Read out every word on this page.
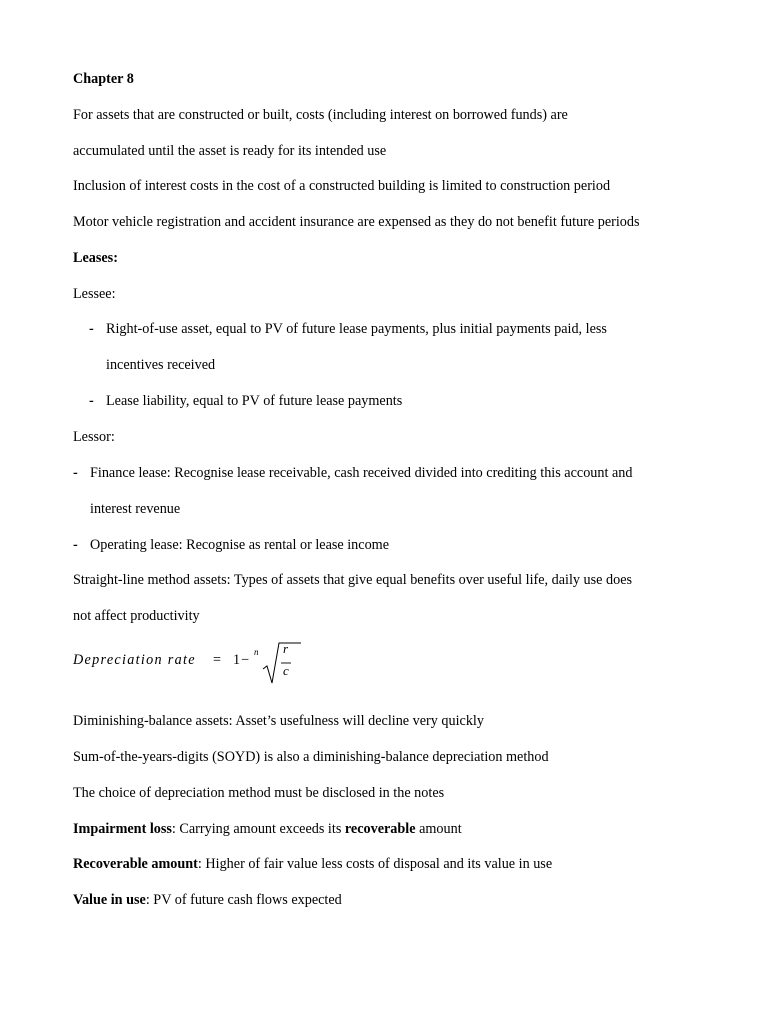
Chapter 8
For assets that are constructed or built, costs (including interest on borrowed funds) are
accumulated until the asset is ready for its intended use
Inclusion of interest costs in the cost of a constructed building is limited to construction period
Motor vehicle registration and accident insurance are expensed as they do not benefit future periods
Leases:
Lessee:
- Right-of-use asset, equal to PV of future lease payments, plus initial payments paid, less
incentives received
- Lease liability, equal to PV of future lease payments
Lessor:
- Finance lease: Recognise lease receivable, cash received divided into crediting this account and
interest revenue
- Operating lease: Recognise as rental or lease income
Straight-line method assets: Types of assets that give equal benefits over useful life, daily use does
not affect productivity
Depreciation rate = 1 − n r
c
Diminishing-balance assets: Asset’s usefulness will decline very quickly
Sum-of-the-years-digits (SOYD) is also a diminishing-balance depreciation method
The choice of depreciation method must be disclosed in the notes
Impairment loss: Carrying amount exceeds its recoverable amount
Recoverable amount: Higher of fair value less costs of disposal and its value in use
Value in use: PV of future cash flows expected
